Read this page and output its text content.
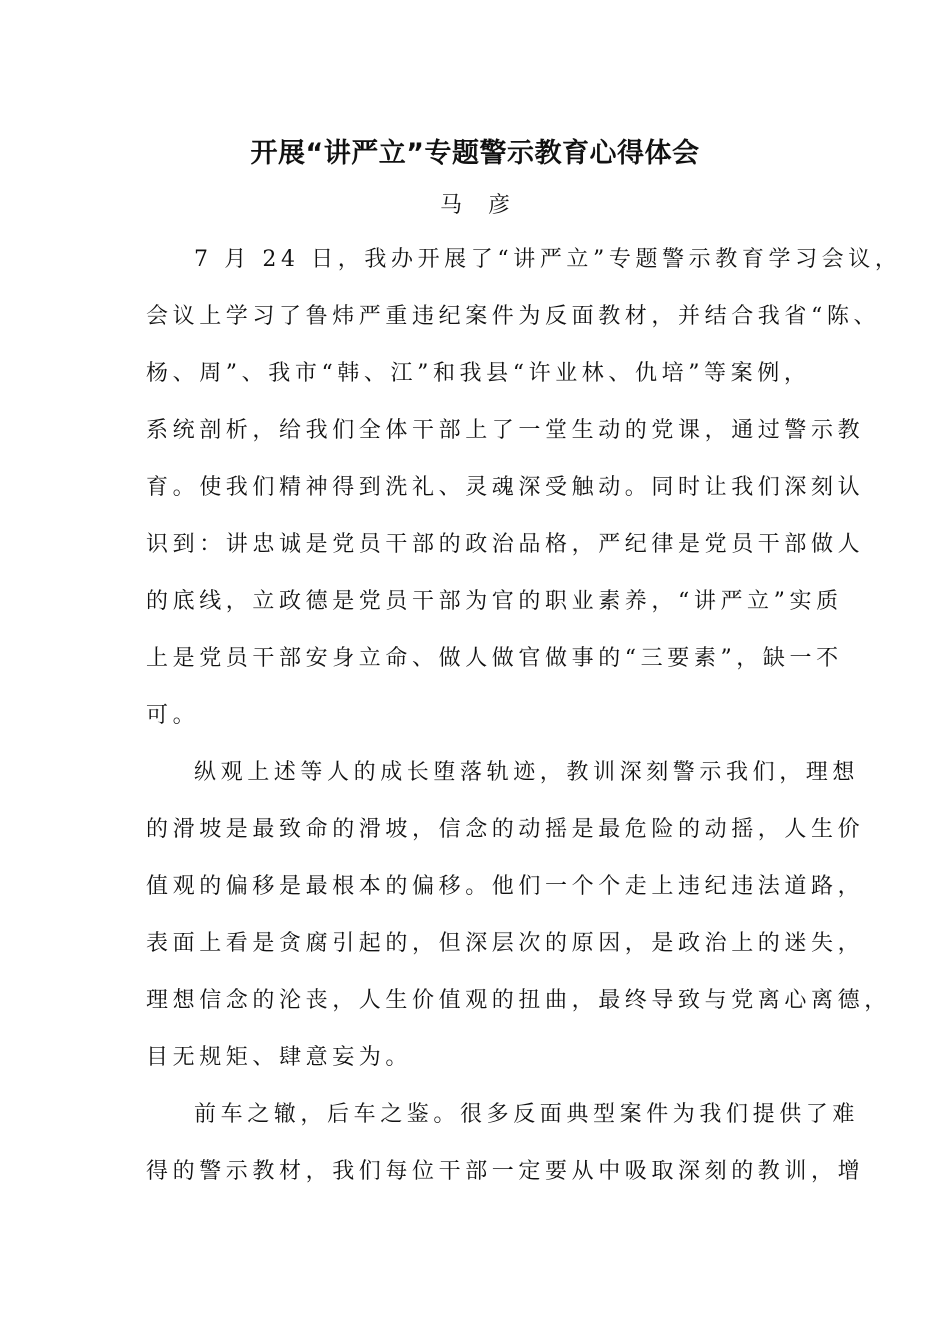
开展“讲严立”专题警示教育心得体会
马彦
7 月 24 日，我办开展了“讲严立”专题警示教育学习会议，
会议上学习了鲁炜严重违纪案件为反面教材，并结合我省“陈、
杨、周”、我市“韩、江”和我县“许业林、仇培”等案例，
系统剖析，给我们全体干部上了一堂生动的党课，通过警示教
育。使我们精神得到洗礼、灵魂深受触动。同时让我们深刻认
识到：讲忠诚是党员干部的政治品格，严纪律是党员干部做人
的底线，立政德是党员干部为官的职业素养，“讲严立”实质
上是党员干部安身立命、做人做官做事的“三要素”，缺一不
可。
纵观上述等人的成长堕落轨迹，教训深刻警示我们，理想
的滑坡是最致命的滑坡，信念的动摇是最危险的动摇，人生价
值观的偏移是最根本的偏移。他们一个个走上违纪违法道路，
表面上看是贪腐引起的，但深层次的原因，是政治上的迷失，
理想信念的沦丧，人生价值观的扭曲，最终导致与党离心离德，
目无规矩、肆意妄为。
前车之辙，后车之鉴。很多反面典型案件为我们提供了难
得的警示教材，我们每位干部一定要从中吸取深刻的教训，增
